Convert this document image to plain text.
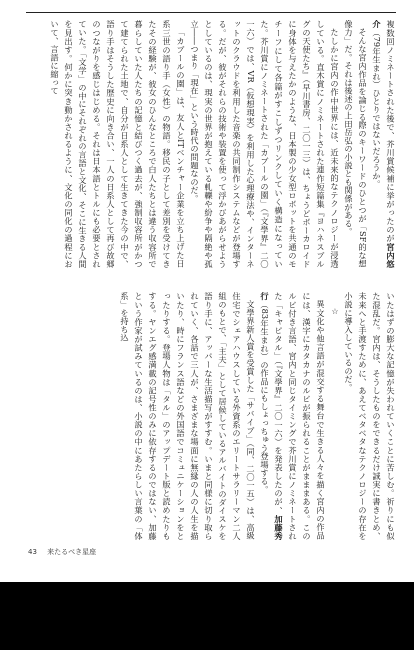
複数回ノミネートされた後で、芥川賞候補に挙がったのが宮内悠介（79年生まれ）ひとりではないだろうか。

そんな宮内作品を論じる際のキーワードのひとつが「SF的な想像力」だ。それは後述の上田岳弘の小説とも関係がある。

たしかに宮内の作中世界には、近未来的なテクノロジーが浸透している。直木賞にノミネートされた連作短篇集『ヨハネスブルグの天使たち』（早川書房、二〇一三）は、ちょうどボーカロイドに身体を与えたかのような、日本製の少女型ロボットを共通のモチーフにして各篇がすこしずつリンクしていく構造になっていた。芥川賞にノミネートされた「カブールの園」（『文學界』二〇一六）では、VR（仮想現実）を利用した心理療法や、インターネットのクラウドを利用した音楽の共同制作システムなどが登場する。だが、彼がそれらの技術や装置を使って浮かびあがらせようとしているのは、現実の世界が抱えている軋轢や紛争や隔絶や孤立――つまり「現在」という時代の問題なのだ。

「カブールの園」は、友人とITベンチャー企業を立ち上げた日系三世の語り手（女性）の物語。移民の子として差別を受けてきたその経験が、彼女のひんなところで白人たちとは違う収容所で暮らしていた人たちの記憶と結びつく過去が、強制収容所がかつて建てられた土地で、自分が日系人として生きてきた今の中で、語り手はそうした歴史に向き合い、一人の日系人として再び故郷のつながりを感じはじめる。それは日本語とトルにも必要とされていた。「文学」の中にそれぞれの言語と文化、そこに生きる人間を見出す。何かに突き動かされるように、文化の同化の過程において、言語に縮って

いたはずの膨大な記憶が失われていくことに苦しむ。祈りにも似た混乱だ。宮内は、そうしたものをできるだけ誠実に書きとめ、未来へと手渡すために、あえてベタベタなテクノロジーの存在を小説に導入しているのだ。

☆

異文化や他言語が混交する舞台で生きる人々を描く宮内の作品には、漢字にカタカナのルビが振られることがまままある。このルビ付き言語、宮内と同じタイミングで芥川賞にノミネートされた「キャピタル」（『文學界』二〇一六）を発表したのが、加藤秀行（83年生まれ）の作品にもしょっちゅう登場する。

文學界新人賞を受賞した「サバイブ」（同、二〇一五）は、高級住宅でシェアハウスしている外資系のエリートサラリーマン二人組のもとで、「主夫」として居候しているアルバイトのダイスケを語り手に、アッパーな生活描写がすすむ。いまと同様に切り取られていく、各話で三人が、さまざまな場面に無縁の人の人生を描いたり、時にフランス語などの外国語でコミュニケーションをとったりする。登場人物は「タル」のアップデート版と読めたりもする。ヤンエグ感満載の記号性のみに依存するのではない、加藤という作家が試みているのは、小説の中にあたらしい言葉の「体系」を持ち込

43 来たるべき星座
